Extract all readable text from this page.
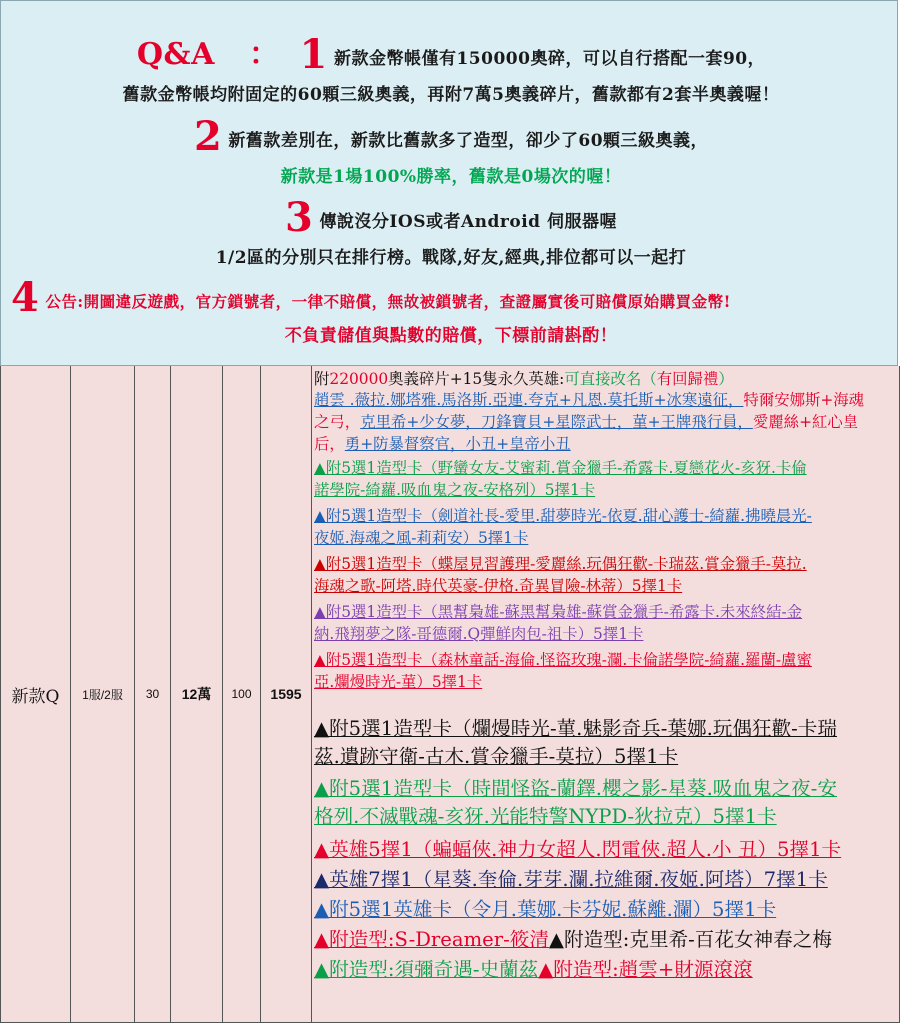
Q&A ： 1 新款金幣帳僅有150000奧碎，可以自行搭配一套90，
舊款金幣帳均附固定的60顆三級奧義，再附7萬5奧義碎片，舊款都有2套半奧義喔！
2 新舊款差別在，新款比舊款多了造型，卻少了60顆三級奧義，
新款是1場100%勝率，舊款是0場次的喔！
3 傳說沒分IOS或者Android 伺服器喔
1/2區的分別只在排行榜。戰隊,好友,經典,排位都可以一起打
4 公告:開圖違反遊戲，官方鎖號者，一律不賠償，無故被鎖號者，查證屬實後可賠償原始購買金幣!
不負責儲值與點數的賠償，下標前請斟酌！
新款Q	1服/2服	30	12萬	100	1595
附220000奧義碎片+15隻永久英雄:可直接改名（有回歸禮）
趙雲 .薇拉.娜塔雅.馬洛斯.亞連.夸克+凡恩.莫托斯+冰寒遠征，特爾安娜斯+海魂
之弓，克里希+少女夢，刀鋒寶貝+星際武士，菫+王牌飛行員，愛麗絲+紅心皇
后，勇+防暴督察官，小丑+皇帝小丑
▲附5選1造型卡（野蠻女友-艾蜜莉.賞金獵手-希露卡.夏戀花火-亥犽.卡倫
諾學院-綺蘿.吸血鬼之夜-安格列）5擇1卡
▲附5選1造型卡（劍道社長-愛里.甜夢時光-依夏.甜心護士-綺蘿.拂曉晨光-
夜姬.海魂之風-莉莉安）5擇1卡
▲附5選1造型卡（蝶屋見習護理-愛麗絲.玩偶狂歡-卡瑞茲.賞金獵手-莫拉.
海魂之歌-阿塔.時代英豪-伊格.奇異冒險-林蒂）5擇1卡
▲附5選1造型卡（黑幫梟雄-蘇黑幫梟雄-蘇賞金獵手-希露卡.未來終結-金
納.飛翔夢之隊-哥德爾.Q彈鮮肉包-祖卡）5擇1卡
▲附5選1造型卡（森林童話-海倫.怪盜玫瑰-瀾.卡倫諾學院-綺蘿.羅蘭-盧蜜
亞.爛熳時光-菫）5擇1卡
▲附5選1造型卡（爛熳時光-菫.魅影奇兵-葉娜.玩偶狂歡-卡瑞
茲.遺跡守衛-古木.賞金獵手-莫拉）5擇1卡
▲附5選1造型卡（時間怪盜-蘭鐸.櫻之影-星葵.吸血鬼之夜-安
格列.不滅戰魂-亥犽.光能特警NYPD-狄拉克）5擇1卡
▲英雄5擇1（蝙蝠俠.神力女超人.閃電俠.超人.小 丑）5擇1卡
▲英雄7擇1（星葵.奎倫.芽芽.瀾.拉維爾.夜姬.阿塔）7擇1卡
▲附5選1英雄卡（令月.葉娜.卡芬妮.蘇離.瀾）5擇1卡
▲附造型:S-Dreamer-筱清▲附造型:克里希-百花女神春之梅
▲附造型:須彌奇遇-史蘭茲▲附造型:趙雲+財源滾滾
